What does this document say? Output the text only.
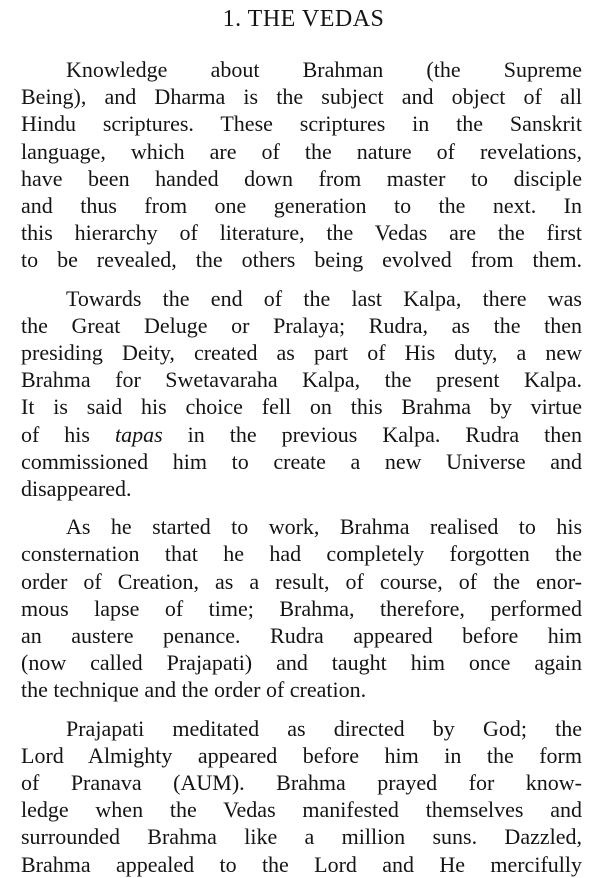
1. THE VEDAS
Knowledge about Brahman (the Supreme
Being), and Dharma is the subject and object of all
Hindu scriptures. These scriptures in the Sanskrit
language, which are of the nature of revelations,
have been handed down from master to disciple
and thus from one generation to the next. In
this hierarchy of literature, the Vedas are the first
to be revealed, the others being evolved from them.
Towards the end of the last Kalpa, there was
the Great Deluge or Pralaya; Rudra, as the then
presiding Deity, created as part of His duty, a new
Brahma for Swetavaraha Kalpa, the present Kalpa.
It is said his choice fell on this Brahma by virtue
of his tapas in the previous Kalpa. Rudra then
commissioned him to create a new Universe and
disappeared.
As he started to work, Brahma realised to his
consternation that he had completely forgotten the
order of Creation, as a result, of course, of the enor-
mous lapse of time; Brahma, therefore, performed
an austere penance. Rudra appeared before him
(now called Prajapati) and taught him once again
the technique and the order of creation.
Prajapati meditated as directed by God; the
Lord Almighty appeared before him in the form
of Pranava (AUM). Brahma prayed for know-
ledge when the Vedas manifested themselves and
surrounded Brahma like a million suns. Dazzled,
Brahma appealed to the Lord and He mercifully
